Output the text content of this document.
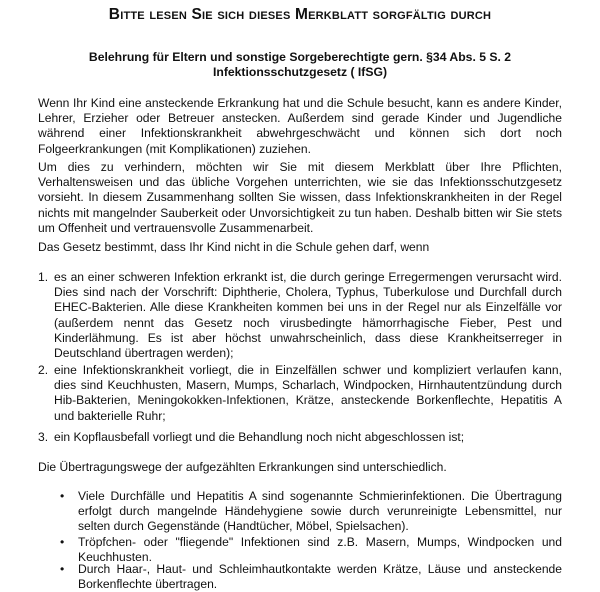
Bitte lesen Sie sich dieses Merkblatt sorgfältig durch
Belehrung für Eltern und sonstige Sorgeberechtigte gern. §34 Abs. 5 S. 2
Infektionsschutzgesetz ( IfSG)
Wenn Ihr Kind eine ansteckende Erkrankung hat und die Schule besucht, kann es andere Kinder, Lehrer, Erzieher oder Betreuer anstecken. Außerdem sind gerade Kinder und Jugendliche während einer Infektionskrankheit abwehrgeschwächt und können sich dort noch Folgeerkrankungen (mit Komplikationen) zuziehen.
Um dies zu verhindern, möchten wir Sie mit diesem Merkblatt über Ihre Pflichten, Verhaltensweisen und das übliche Vorgehen unterrichten, wie sie das Infektionsschutzgesetz vorsieht. In diesem Zusammenhang sollten Sie wissen, dass Infektionskrankheiten in der Regel nichts mit mangelnder Sauberkeit oder Unvorsichtigkeit zu tun haben. Deshalb bitten wir Sie stets um Offenheit und vertrauensvolle Zusammenarbeit.
Das Gesetz bestimmt, dass Ihr Kind nicht in die Schule gehen darf, wenn
1. es an einer schweren Infektion erkrankt ist, die durch geringe Erregermengen verursacht wird. Dies sind nach der Vorschrift: Diphtherie, Cholera, Typhus, Tuberkulose und Durchfall durch EHEC-Bakterien. Alle diese Krankheiten kommen bei uns in der Regel nur als Einzelfälle vor (außerdem nennt das Gesetz noch virusbedingte hämorrhagische Fieber, Pest und Kinderlähmung. Es ist aber höchst unwahrscheinlich, dass diese Krankheitserreger in Deutschland übertragen werden);
2. eine Infektionskrankheit vorliegt, die in Einzelfällen schwer und kompliziert verlaufen kann, dies sind Keuchhusten, Masern, Mumps, Scharlach, Windpocken, Hirnhautentzündung durch Hib-Bakterien, Meningokokken-Infektionen, Krätze, ansteckende Borkenflechte, Hepatitis A und bakterielle Ruhr;
3. ein Kopflausbefall vorliegt und die Behandlung noch nicht abgeschlossen ist;
Die Übertragungswege der aufgezählten Erkrankungen sind unterschiedlich.
•	Viele Durchfälle und Hepatitis A sind sogenannte Schmierinfektionen. Die Übertragung erfolgt durch mangelnde Händehygiene sowie durch verunreinigte Lebensmittel, nur selten durch Gegenstände (Handtücher, Möbel, Spielsachen).
•	Tröpfchen- oder "fliegende" Infektionen sind z.B. Masern, Mumps, Windpocken und Keuchhusten.
•	Durch Haar-, Haut- und Schleimhautkontakte werden Krätze, Läuse und ansteckende Borkenflechte übertragen.
